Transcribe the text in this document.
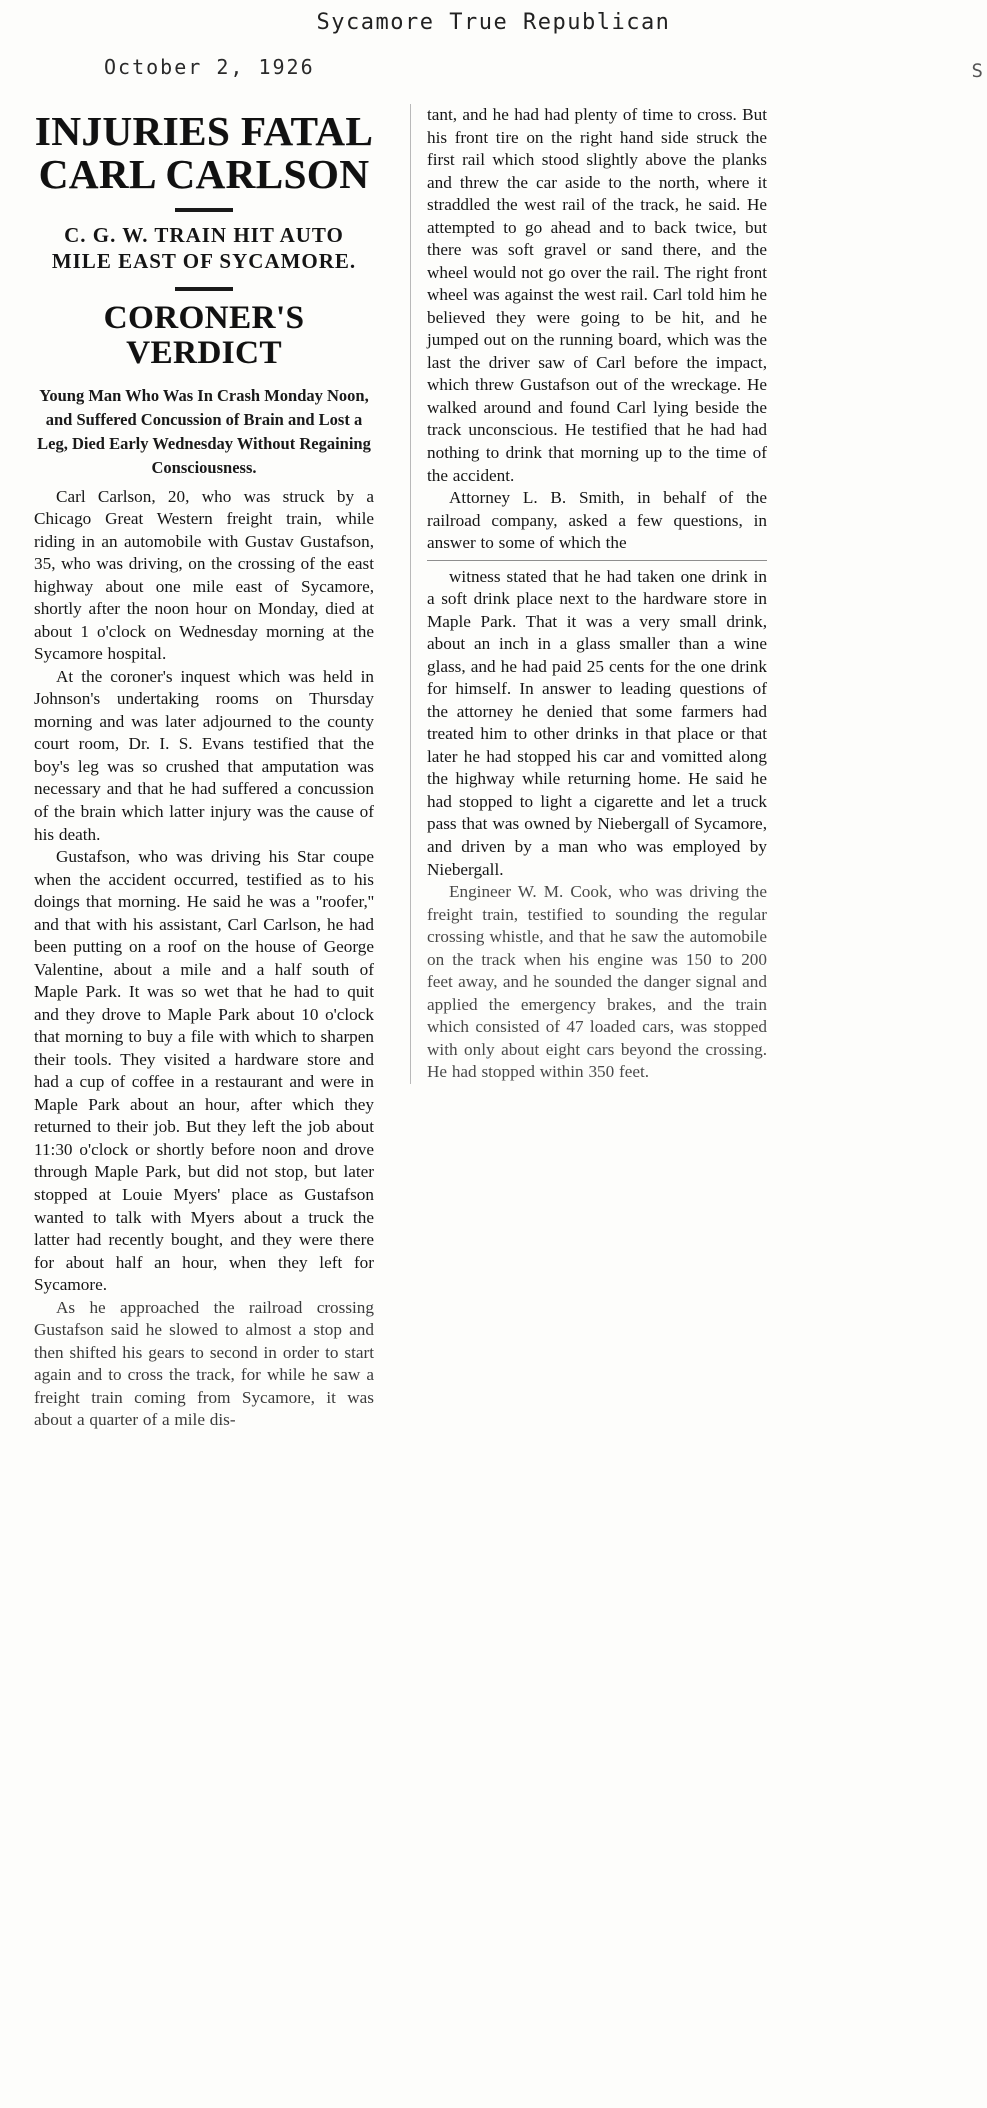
Sycamore True Republican
October 2, 1926	S
INJURIES FATAL
CARL CARLSON
C. G. W. TRAIN HIT AUTO
MILE EAST OF SYCAMORE.
CORONER'S VERDICT
Young Man Who Was In Crash Monday Noon, and Suffered Concussion of Brain and Lost a Leg, Died Early Wednesday Without Regaining Consciousness.

Carl Carlson, 20, who was struck by a Chicago Great Western freight train, while riding in an automobile with Gustav Gustafson, 35, who was driving, on the crossing of the east highway about one mile east of Sycamore, shortly after the noon hour on Monday, died at about 1 o'clock on Wednesday morning at the Sycamore hospital.

At the coroner's inquest which was held in Johnson's undertaking rooms on Thursday morning and was later adjourned to the county court room, Dr. I. S. Evans testified that the boy's leg was so crushed that amputation was necessary and that he had suffered a concussion of the brain which latter injury was the cause of his death.

Gustafson, who was driving his Star coupe when the accident occurred, testified as to his doings that morning. He said he was a ''roofer,'' and that with his assistant, Carl Carlson, he had been putting on a roof on the house of George Valentine, about a mile and a half south of Maple Park. It was so wet that he had to quit and they drove to Maple Park about 10 o'clock that morning to buy a file with which to sharpen their tools. They visited a hardware store and had a cup of coffee in a restaurant and were in Maple Park about an hour, after which they returned to their job. But they left the job about 11:30 o'clock or shortly before noon and drove through Maple Park, but did not stop, but later stopped at Louie Myers' place as Gustafson wanted to talk with Myers about a truck the latter had recently bought, and they were there for about half an hour, when they left for Sycamore.

As he approached the railroad crossing Gustafson said he slowed to almost a stop and then shifted his gears to second in order to start again and to cross the track, for while he saw a freight train coming from Sycamore, it was about a quarter of a mile dis-

tant, and he had had plenty of time to cross. But his front tire on the right hand side struck the first rail which stood slightly above the planks and threw the car aside to the north, where it straddled the west rail of the track, he said. He attempted to go ahead and to back twice, but there was soft gravel or sand there, and the wheel would not go over the rail. The right front wheel was against the west rail. Carl told him he believed they were going to be hit, and he jumped out on the running board, which was the last the driver saw of Carl before the impact, which threw Gustafson out of the wreckage. He walked around and found Carl lying beside the track unconscious. He testified that he had had nothing to drink that morning up to the time of the accident.

Attorney L. B. Smith, in behalf of the railroad company, asked a few questions, in answer to some of which the

witness stated that he had taken one drink in a soft drink place next to the hardware store in Maple Park. That it was a very small drink, about an inch in a glass smaller than a wine glass, and he had paid 25 cents for the one drink for himself. In answer to leading questions of the attorney he denied that some farmers had treated him to other drinks in that place or that later he had stopped his car and vomitted along the highway while returning home. He said he had stopped to light a cigarette and let a truck pass that was owned by Niebergall of Sycamore, and driven by a man who was employed by Niebergall.

Engineer W. M. Cook, who was driving the freight train, testified to sounding the regular crossing whistle, and that he saw the automobile on the track when his engine was 150 to 200 feet away, and he sounded the danger signal and applied the emergency brakes, and the train which consisted of 47 loaded cars, was stopped with only about eight cars beyond the crossing. He had stopped within 350 feet.
